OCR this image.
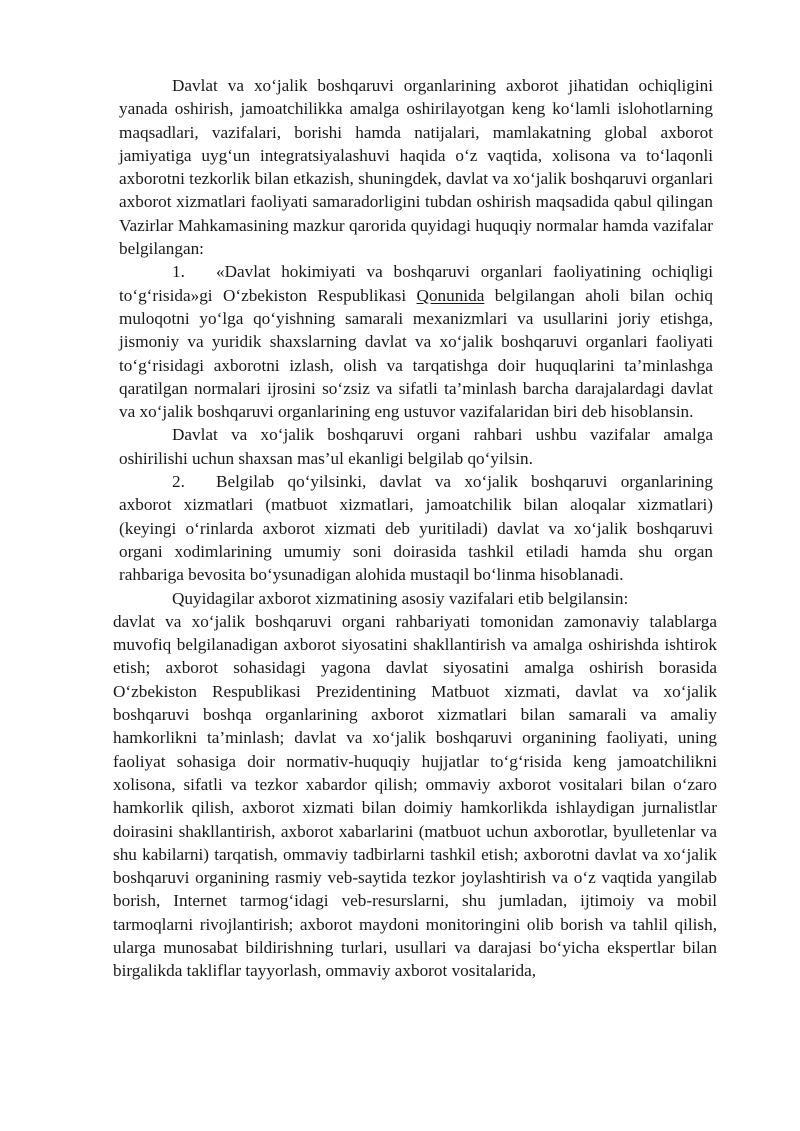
Davlat va xo‘jalik boshqaruvi organlarining axborot jihatidan ochiqligini yanada oshirish, jamoatchilikka amalga oshirilayotgan keng ko‘lamli islohotlarning maqsadlari, vazifalari, borishi hamda natijalari, mamlakatning global axborot jamiyatiga uyg‘un integratsiyalashuvi haqida o‘z vaqtida, xolisona va to‘laqonli axborotni tezkorlik bilan etkazish, shuningdek, davlat va xo‘jalik boshqaruvi organlari axborot xizmatlari faoliyati samaradorligini tubdan oshirish maqsadida qabul qilingan Vazirlar Mahkamasining mazkur qarorida quyidagi huquqiy normalar hamda vazifalar belgilangan:

1. «Davlat hokimiyati va boshqaruvi organlari faoliyatining ochiqligi to‘g‘risida»gi O‘zbekiston Respublikasi Qonunida belgilangan aholi bilan ochiq muloqotni yo‘lga qo‘yishning samarali mexanizmlari va usullarini joriy etishga, jismoniy va yuridik shaxslarning davlat va xo‘jalik boshqaruvi organlari faoliyati to‘g‘risidagi axborotni izlash, olish va tarqatishga doir huquqlarini ta’minlashga qaratilgan normalari ijrosini so‘zsiz va sifatli ta’minlash barcha darajalardagi davlat va xo‘jalik boshqaruvi organlarining eng ustuvor vazifalaridan biri deb hisoblansin.

Davlat va xo‘jalik boshqaruvi organi rahbari ushbu vazifalar amalga oshirilishi uchun shaxsan mas’ul ekanligi belgilab qo‘yilsin.

2. Belgilab qo‘yilsinki, davlat va xo‘jalik boshqaruvi organlarining axborot xizmatlari (matbuot xizmatlari, jamoatchilik bilan aloqalar xizmatlari) (keyingi o‘rinlarda axborot xizmati deb yuritiladi) davlat va xo‘jalik boshqaruvi organi xodimlarining umumiy soni doirasida tashkil etiladi hamda shu organ rahbariga bevosita bo‘ysunadigan alohida mustaqil bo‘linma hisoblanadi.

Quyidagilar axborot xizmatining asosiy vazifalari etib belgilansin:

davlat va xo‘jalik boshqaruvi organi rahbariyati tomonidan zamonaviy talablarga muvofiq belgilanadigan axborot siyosatini shakllantirish va amalga oshirishda ishtirok etish; axborot sohasidagi yagona davlat siyosatini amalga oshirish borasida O‘zbekiston Respublikasi Prezidentining Matbuot xizmati, davlat va xo‘jalik boshqaruvi boshqa organlarining axborot xizmatlari bilan samarali va amaliy hamkorlikni ta’minlash; davlat va xo‘jalik boshqaruvi organining faoliyati, uning faoliyat sohasiga doir normativ-huquqiy hujjatlar to‘g‘risida keng jamoatchilikni xolisona, sifatli va tezkor xabardor qilish; ommaviy axborot vositalari bilan o‘zaro hamkorlik qilish, axborot xizmati bilan doimiy hamkorlikda ishlaydigan jurnalistlar doirasini shakllantirish, axborot xabarlarini (matbuot uchun axborotlar, byulletenlar va shu kabilarni) tarqatish, ommaviy tadbirlarni tashkil etish; axborotni davlat va xo‘jalik boshqaruvi organining rasmiy veb-saytida tezkor joylashtirish va o‘z vaqtida yangilab borish, Internet tarmog‘idagi veb-resurslarni, shu jumladan, ijtimoiy va mobil tarmoqlarni rivojlantirish; axborot maydoni monitoringini olib borish va tahlil qilish, ularga munosabat bildirishning turlari, usullari va darajasi bo‘yicha ekspertlar bilan birgalikda takliflar tayyorlash, ommaviy axborot vositalarida,
